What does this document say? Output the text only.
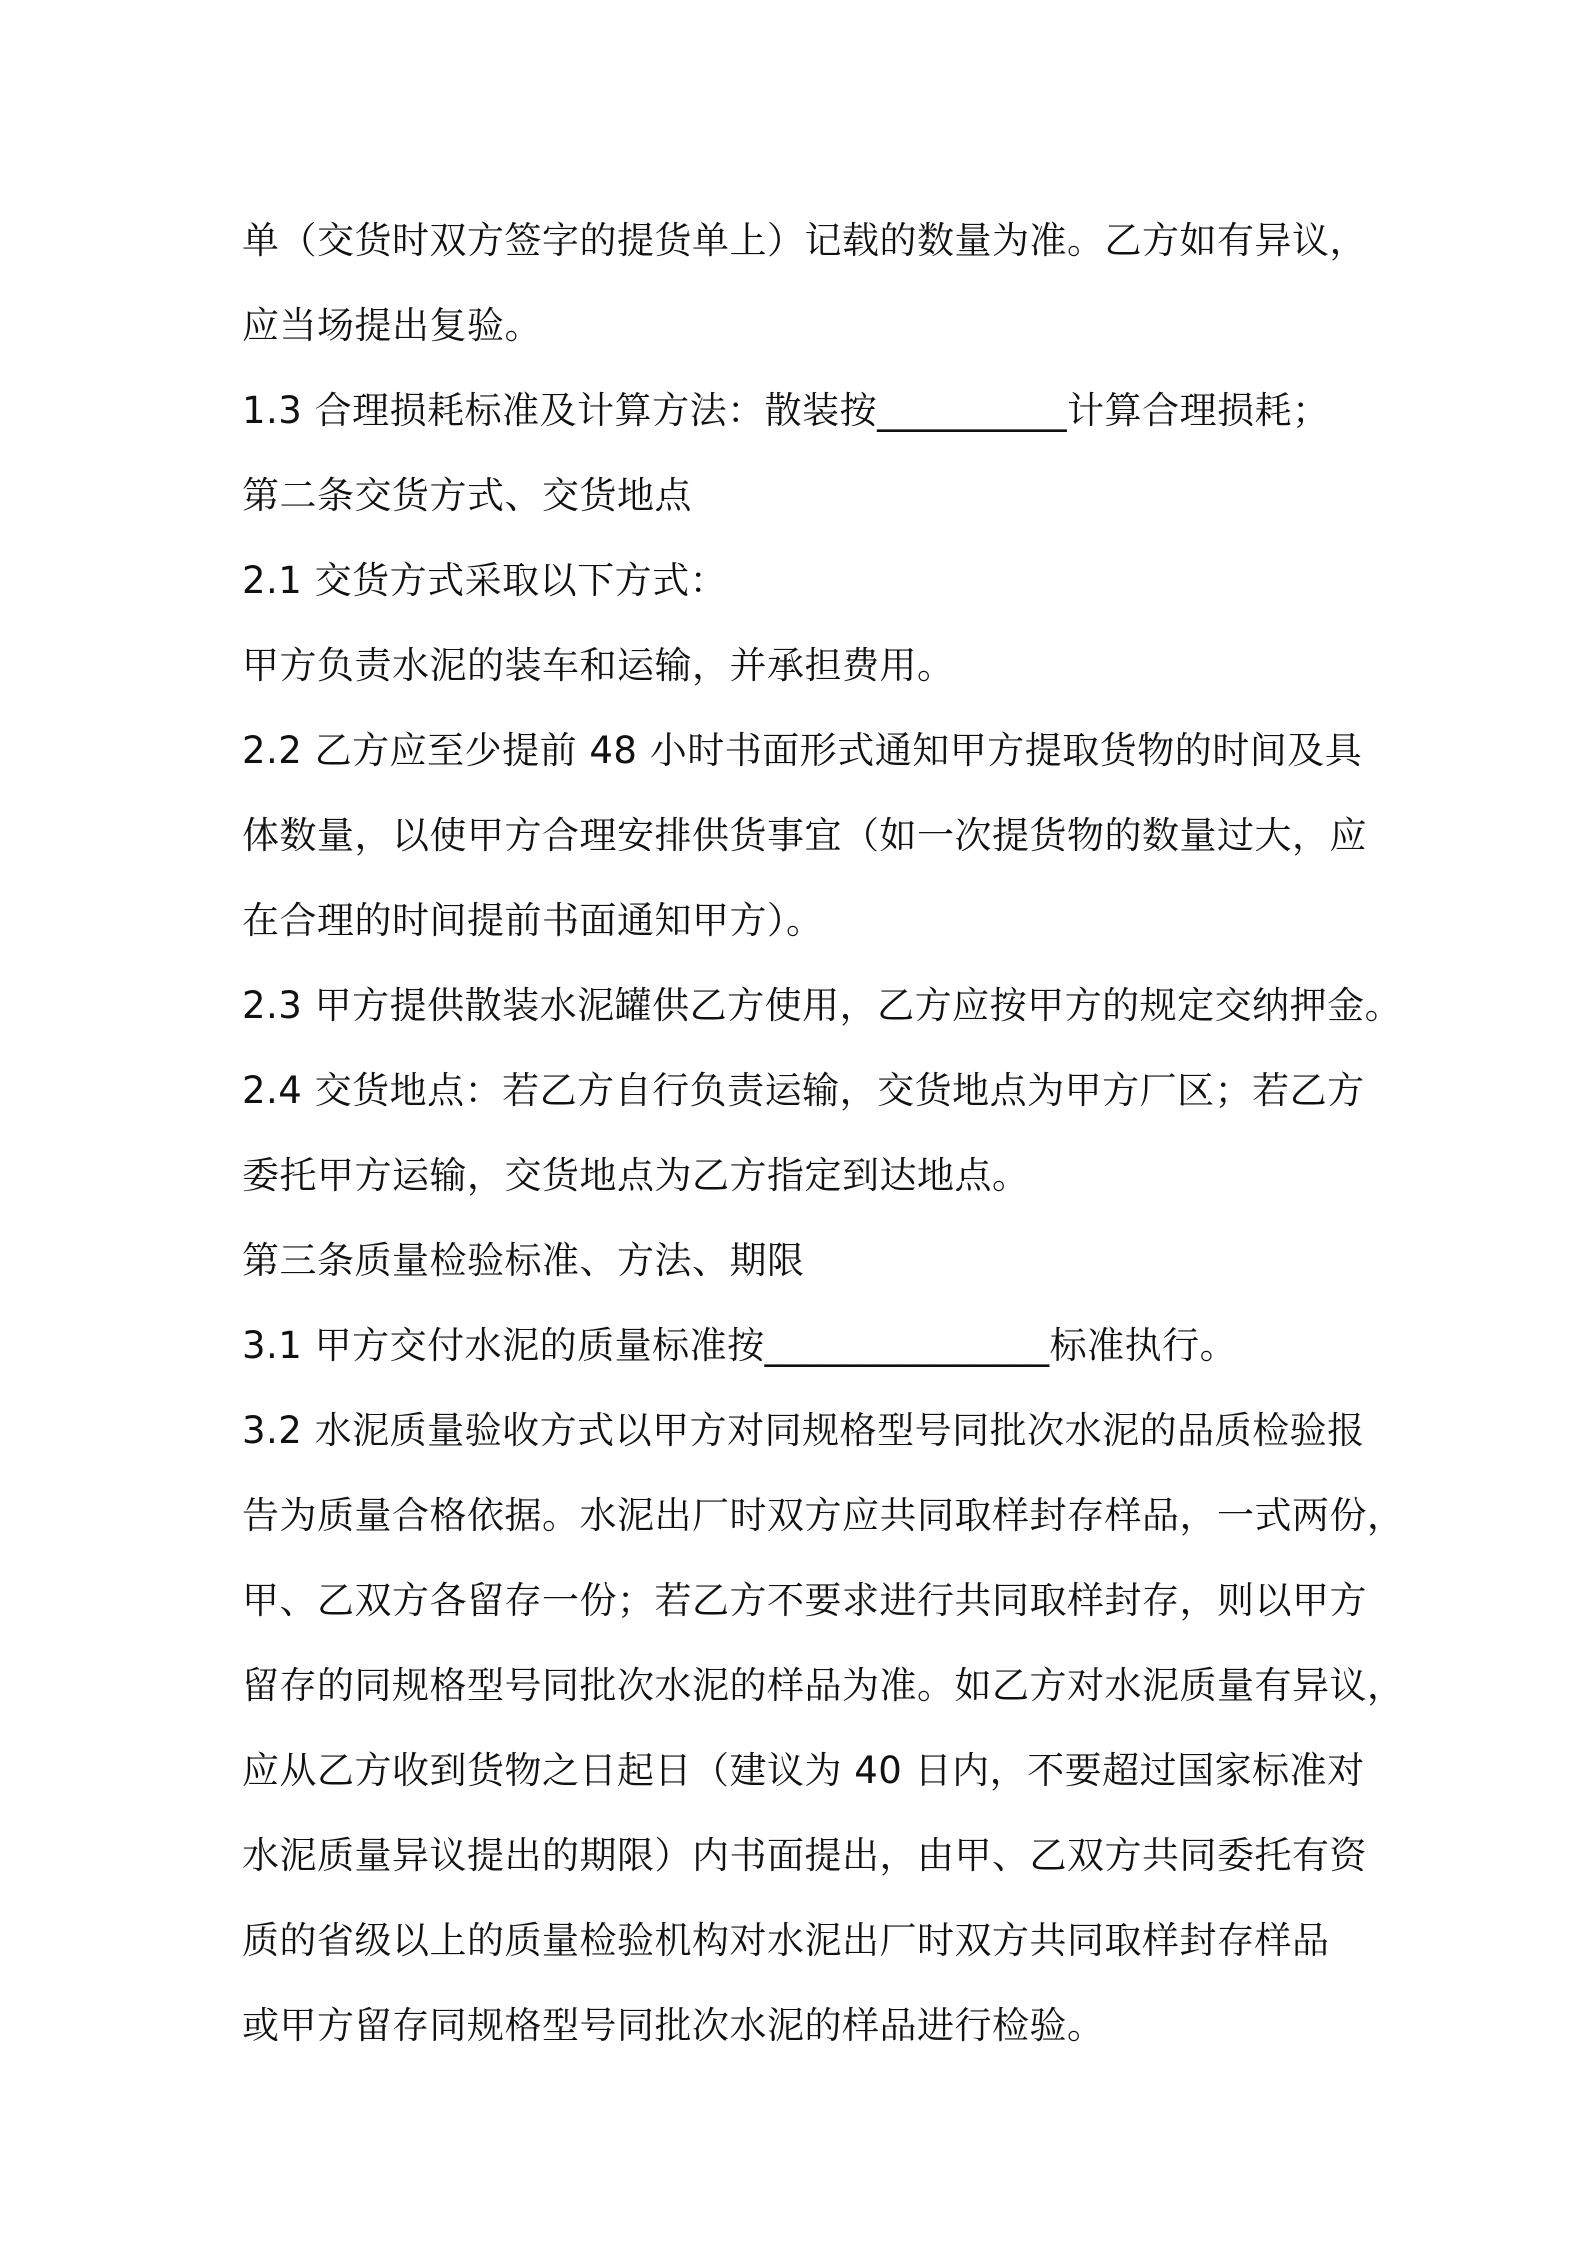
单（交货时双方签字的提货单上）记载的数量为准。乙方如有异议，
应当场提出复验。
1.3 合理损耗标准及计算方法：散装按__________计算合理损耗；
第二条交货方式、交货地点
2.1 交货方式采取以下方式：
甲方负责水泥的装车和运输，并承担费用。
2.2 乙方应至少提前 48 小时书面形式通知甲方提取货物的时间及具
体数量，以使甲方合理安排供货事宜（如一次提货物的数量过大，应
在合理的时间提前书面通知甲方）。
2.3 甲方提供散装水泥罐供乙方使用，乙方应按甲方的规定交纳押金。
2.4 交货地点：若乙方自行负责运输，交货地点为甲方厂区；若乙方
委托甲方运输，交货地点为乙方指定到达地点。
第三条质量检验标准、方法、期限
3.1 甲方交付水泥的质量标准按_______________标准执行。
3.2 水泥质量验收方式以甲方对同规格型号同批次水泥的品质检验报
告为质量合格依据。水泥出厂时双方应共同取样封存样品，一式两份，
甲、乙双方各留存一份；若乙方不要求进行共同取样封存，则以甲方
留存的同规格型号同批次水泥的样品为准。如乙方对水泥质量有异议，
应从乙方收到货物之日起日（建议为 40 日内，不要超过国家标准对
水泥质量异议提出的期限）内书面提出，由甲、乙双方共同委托有资
质的省级以上的质量检验机构对水泥出厂时双方共同取样封存样品
或甲方留存同规格型号同批次水泥的样品进行检验。
